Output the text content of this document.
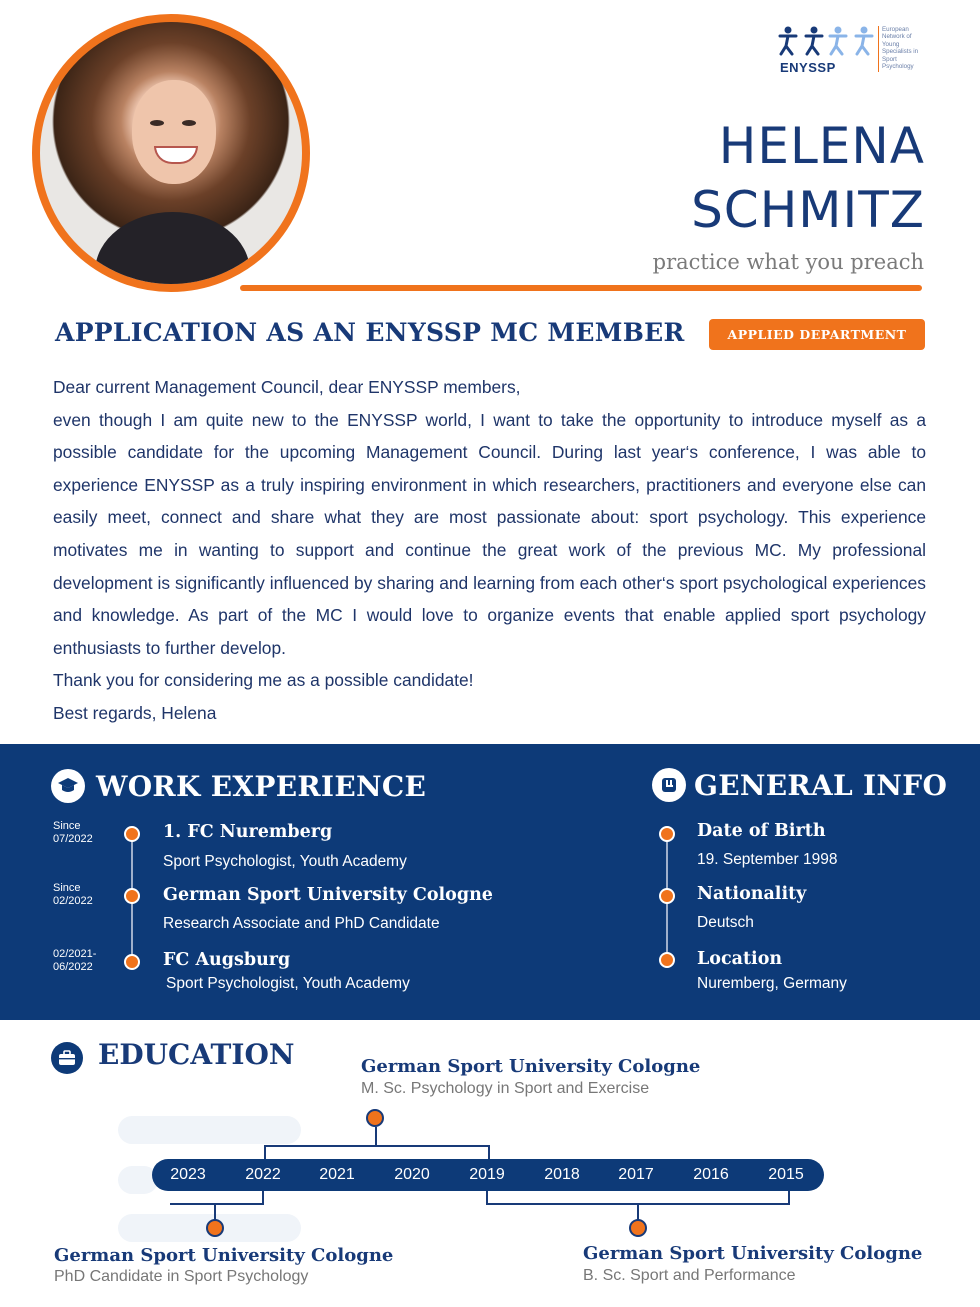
ENYSSP
European
Network of
Young
Specialists in
Sport
Psychology
HELENA
SCHMITZ
practice what you preach
APPLICATION AS AN ENYSSP MC MEMBER	APPLIED DEPARTMENT

Dear current Management Council, dear ENYSSP members,

even though I am quite new to the ENYSSP world, I want to take the opportunity to introduce myself as a possible candidate for the upcoming Management Council. During last year‘s conference, I was able to experience ENYSSP as a truly inspiring environment in which researchers, practitioners and everyone else can easily meet, connect and share what they are most passionate about: sport psychology. This experience motivates me in wanting to support and continue the great work of the previous MC. My professional development is significantly influenced by sharing and learning from each other‘s sport psychological experiences and knowledge. As part of the MC I would love to organize events that enable applied sport psychology enthusiasts to further develop.

Thank you for considering me as a possible candidate!

Best regards, Helena

WORK EXPERIENCE
Since
07/2022	1. FC Nuremberg
Sport Psychologist, Youth Academy
Since
02/2022	German Sport University Cologne
Research Associate and PhD Candidate
02/2021-
06/2022	FC Augsburg
Sport Psychologist, Youth Academy
GENERAL INFO
Date of Birth
19. September 1998
Nationality
Deutsch
Location
Nuremberg, Germany
EDUCATION	German Sport University Cologne
M. Sc. Psychology in Sport and Exercise
2023	2022	2021	2020	2019	2018	2017	2016	2015
German Sport University Cologne
PhD Candidate in Sport Psychology
German Sport University Cologne
B. Sc. Sport and Performance
